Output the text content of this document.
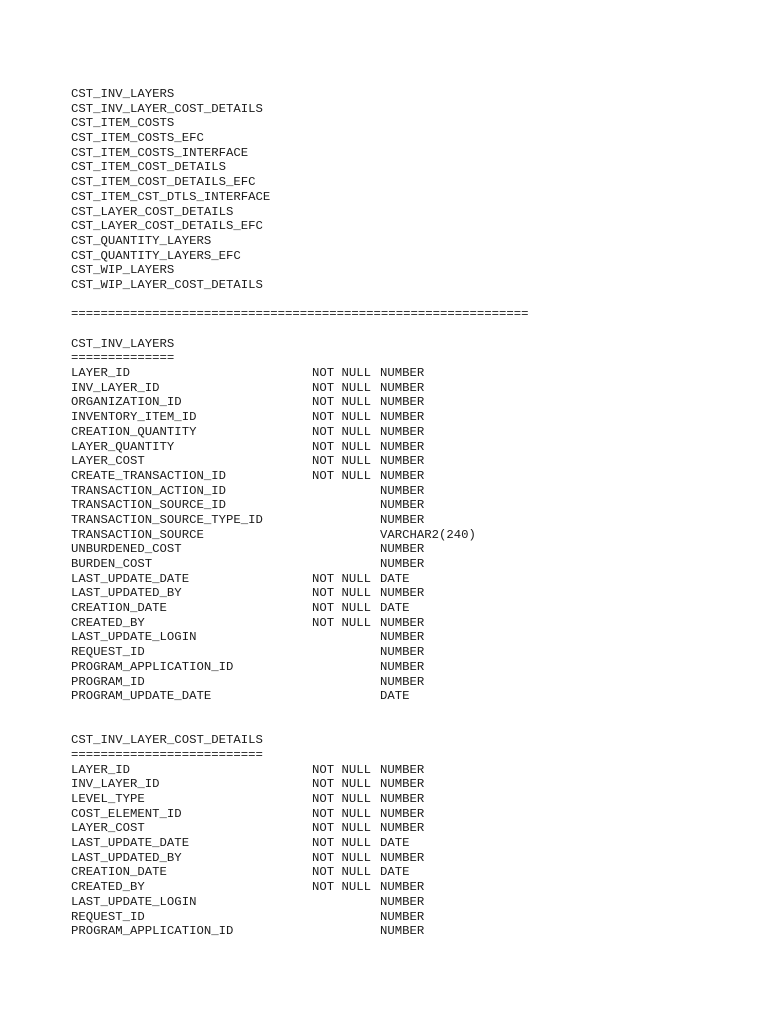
CST_INV_LAYERS
CST_INV_LAYER_COST_DETAILS
CST_ITEM_COSTS
CST_ITEM_COSTS_EFC
CST_ITEM_COSTS_INTERFACE
CST_ITEM_COST_DETAILS
CST_ITEM_COST_DETAILS_EFC
CST_ITEM_CST_DTLS_INTERFACE
CST_LAYER_COST_DETAILS
CST_LAYER_COST_DETAILS_EFC
CST_QUANTITY_LAYERS
CST_QUANTITY_LAYERS_EFC
CST_WIP_LAYERS
CST_WIP_LAYER_COST_DETAILS
==============================================================
CST_INV_LAYERS
==============
LAYER_ID	NOT NULL NUMBER
INV_LAYER_ID	NOT NULL NUMBER
ORGANIZATION_ID	NOT NULL NUMBER
INVENTORY_ITEM_ID	NOT NULL NUMBER
CREATION_QUANTITY	NOT NULL NUMBER
LAYER_QUANTITY	NOT NULL NUMBER
LAYER_COST	NOT NULL NUMBER
CREATE_TRANSACTION_ID	NOT NULL NUMBER
TRANSACTION_ACTION_ID	NUMBER
TRANSACTION_SOURCE_ID	NUMBER
TRANSACTION_SOURCE_TYPE_ID	NUMBER
TRANSACTION_SOURCE	VARCHAR2(240)
UNBURDENED_COST	NUMBER
BURDEN_COST	NUMBER
LAST_UPDATE_DATE	NOT NULL DATE
LAST_UPDATED_BY	NOT NULL NUMBER
CREATION_DATE	NOT NULL DATE
CREATED_BY	NOT NULL NUMBER
LAST_UPDATE_LOGIN	NUMBER
REQUEST_ID	NUMBER
PROGRAM_APPLICATION_ID	NUMBER
PROGRAM_ID	NUMBER
PROGRAM_UPDATE_DATE	DATE
CST_INV_LAYER_COST_DETAILS
==========================
LAYER_ID	NOT NULL NUMBER
INV_LAYER_ID	NOT NULL NUMBER
LEVEL_TYPE	NOT NULL NUMBER
COST_ELEMENT_ID	NOT NULL NUMBER
LAYER_COST	NOT NULL NUMBER
LAST_UPDATE_DATE	NOT NULL DATE
LAST_UPDATED_BY	NOT NULL NUMBER
CREATION_DATE	NOT NULL DATE
CREATED_BY	NOT NULL NUMBER
LAST_UPDATE_LOGIN	NUMBER
REQUEST_ID	NUMBER
PROGRAM_APPLICATION_ID	NUMBER
